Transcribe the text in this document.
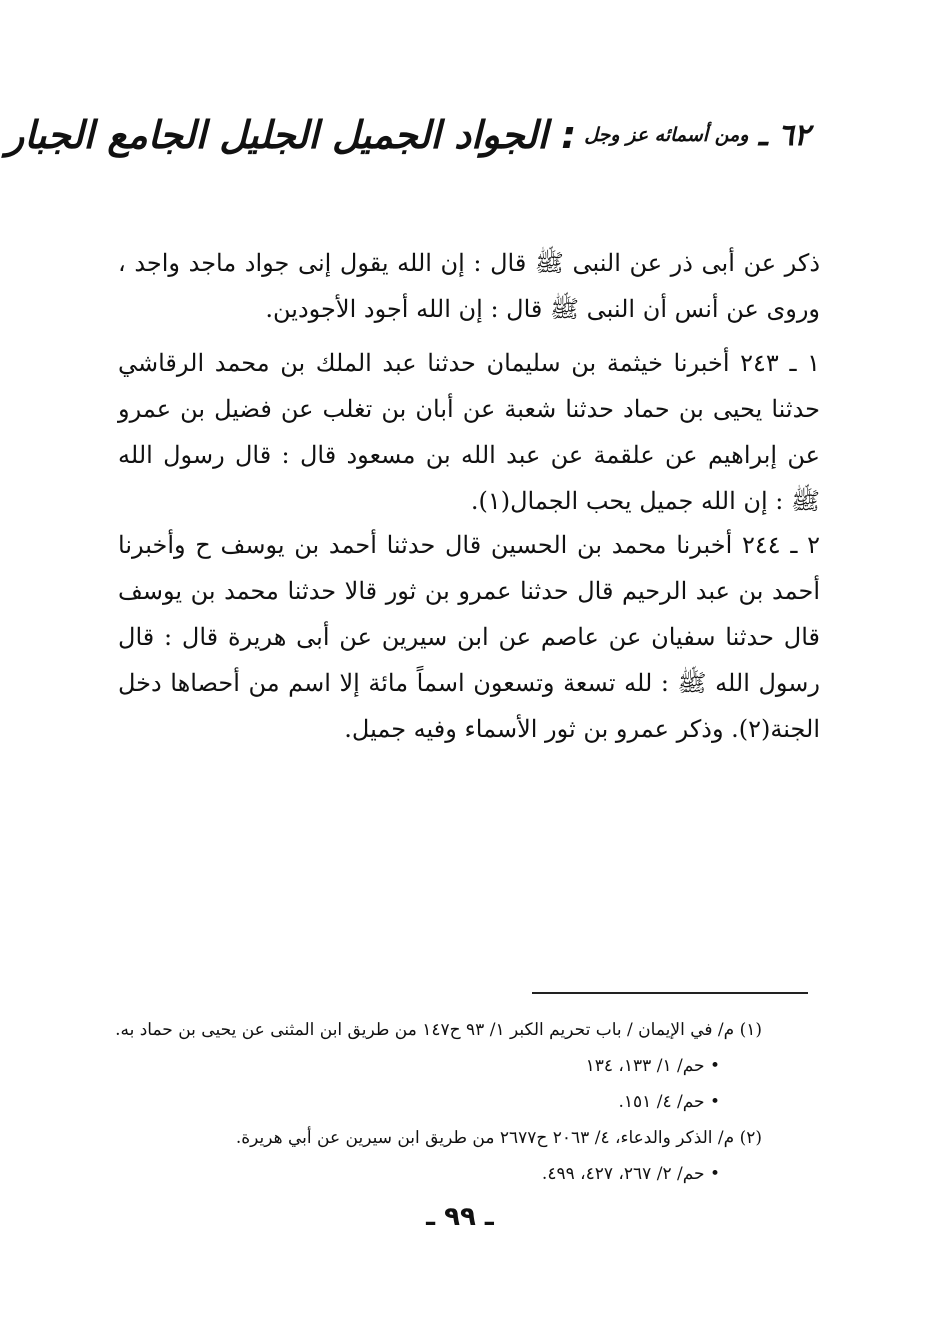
٦٢ ـ
ومن أسمائه عز وجل
: الجواد الجميل الجليل الجامع الجبار
ذكر عن أبى ذر عن النبى ﷺ قال : إن الله يقول إنى جواد ماجد واجد ، وروى عن أنس أن النبى ﷺ قال : إن الله أجود الأجودين.
١ ـ ٢٤٣ أخبرنا خيثمة بن سليمان حدثنا عبد الملك بن محمد الرقاشي حدثنا يحيى بن حماد حدثنا شعبة عن أبان بن تغلب عن فضيل بن عمرو عن إبراهيم عن علقمة عن عبد الله بن مسعود قال : قال رسول الله ﷺ : إن الله جميل يحب الجمال(١).
٢ ـ ٢٤٤ أخبرنا محمد بن الحسين قال حدثنا أحمد بن يوسف ح وأخبرنا أحمد بن عبد الرحيم قال حدثنا عمرو بن ثور قالا حدثنا محمد بن يوسف قال حدثنا سفيان عن عاصم عن ابن سيرين عن أبى هريرة قال : قال رسول الله ﷺ : لله تسعة وتسعون اسماً مائة إلا اسم من أحصاها دخل الجنة(٢). وذكر عمرو بن ثور الأسماء وفيه جميل.
(١) م/ في الإيمان / باب تحريم الكبر ١/ ٩٣ ح١٤٧ من طريق ابن المثنى عن يحيى بن حماد به.
• حم/ ١/ ١٣٣، ١٣٤
• حم/ ٤/ ١٥١.
(٢) م/ الذكر والدعاء، ٤/ ٢٠٦٣ ح٢٦٧٧ من طريق ابن سيرين عن أبي هريرة.
• حم/ ٢/ ٢٦٧، ٤٢٧، ٤٩٩.
ـ ٩٩ ـ
